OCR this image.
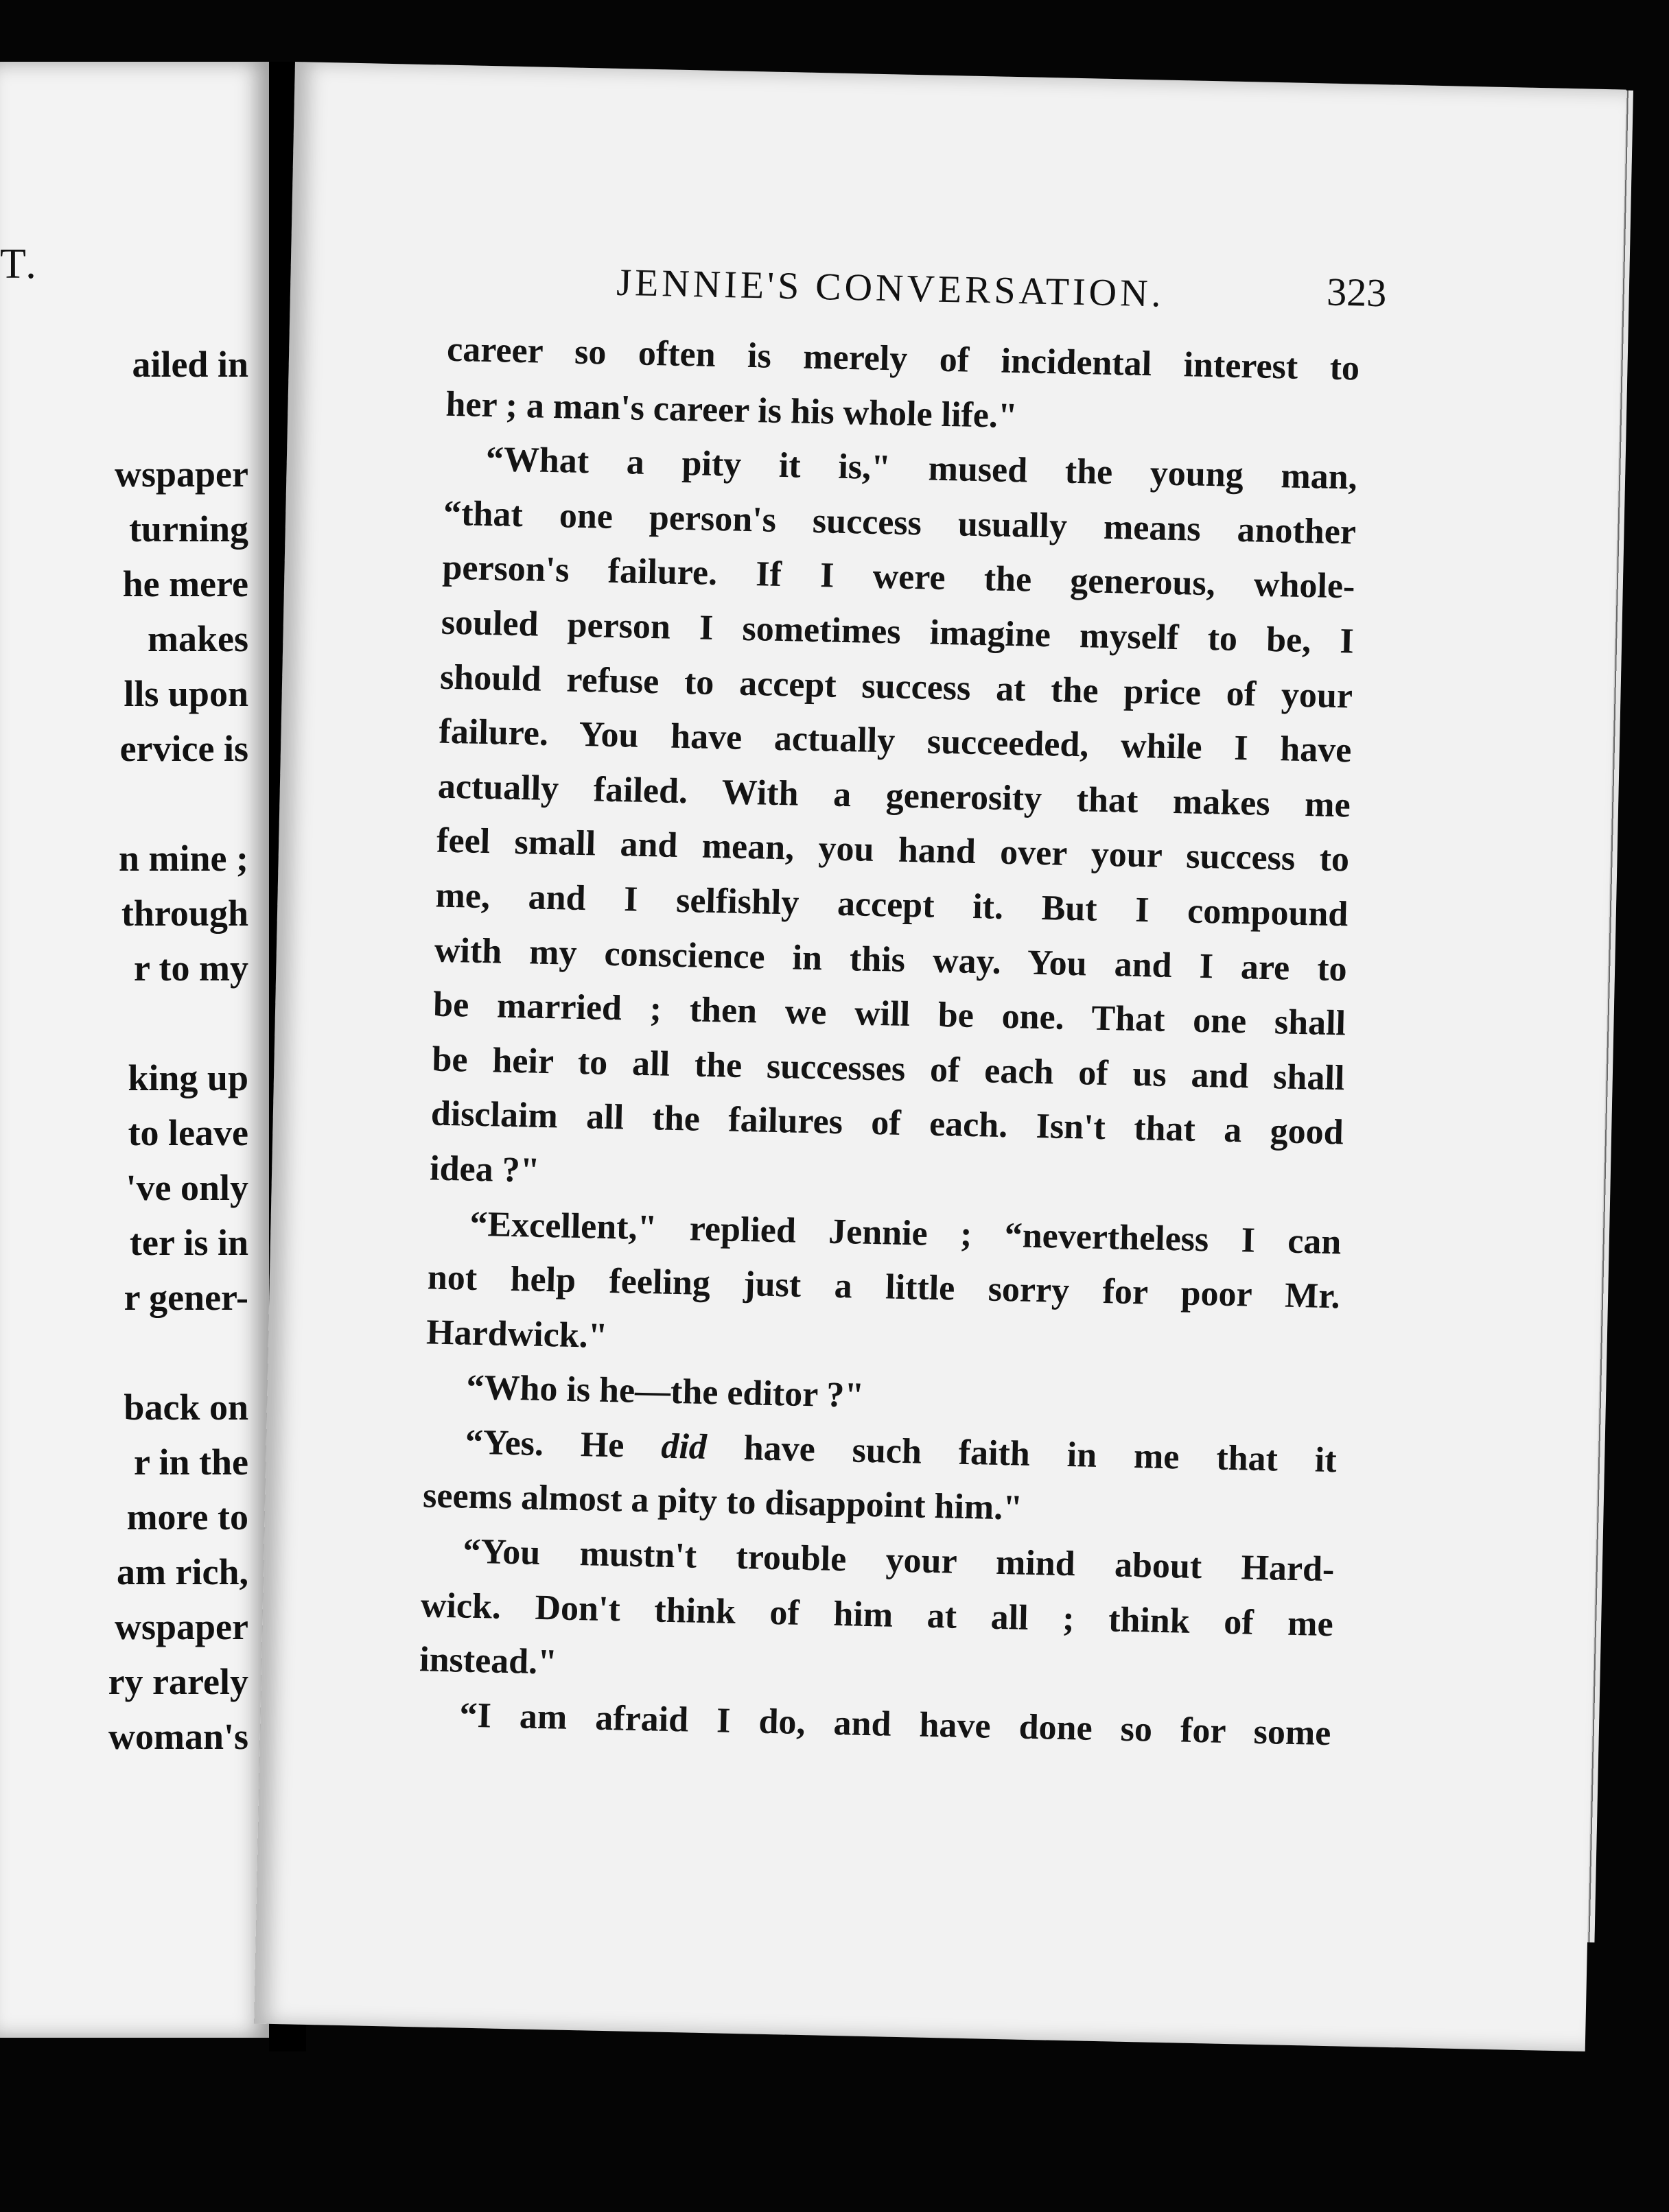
T.
ailed in
wspaper
turning
he mere
makes
lls upon
ervice is
n mine ;
through
r to my
king up
to leave
've only
ter is in
r gener-
back on
r in the
more to
am rich,
wspaper
ry rarely
woman's
JENNIE'S CONVERSATION.	323
career so often is merely of incidental interest to
her ; a man's career is his whole life."
“What a pity it is," mused the young man,
“that one person's success usually means another
person's failure. If I were the generous, whole-
souled person I sometimes imagine myself to be, I
should refuse to accept success at the price of your
failure. You have actually succeeded, while I have
actually failed. With a generosity that makes me
feel small and mean, you hand over your success to
me, and I selfishly accept it. But I compound
with my conscience in this way. You and I are to
be married ; then we will be one. That one shall
be heir to all the successes of each of us and shall
disclaim all the failures of each. Isn't that a good
idea ?"
“Excellent," replied Jennie ; “nevertheless I can
not help feeling just a little sorry for poor Mr.
Hardwick."
“Who is he—the editor ?"
“Yes. He did have such faith in me that it
seems almost a pity to disappoint him."
“You mustn't trouble your mind about Hard-
wick. Don't think of him at all ; think of me
instead."
“I am afraid I do, and have done so for some
